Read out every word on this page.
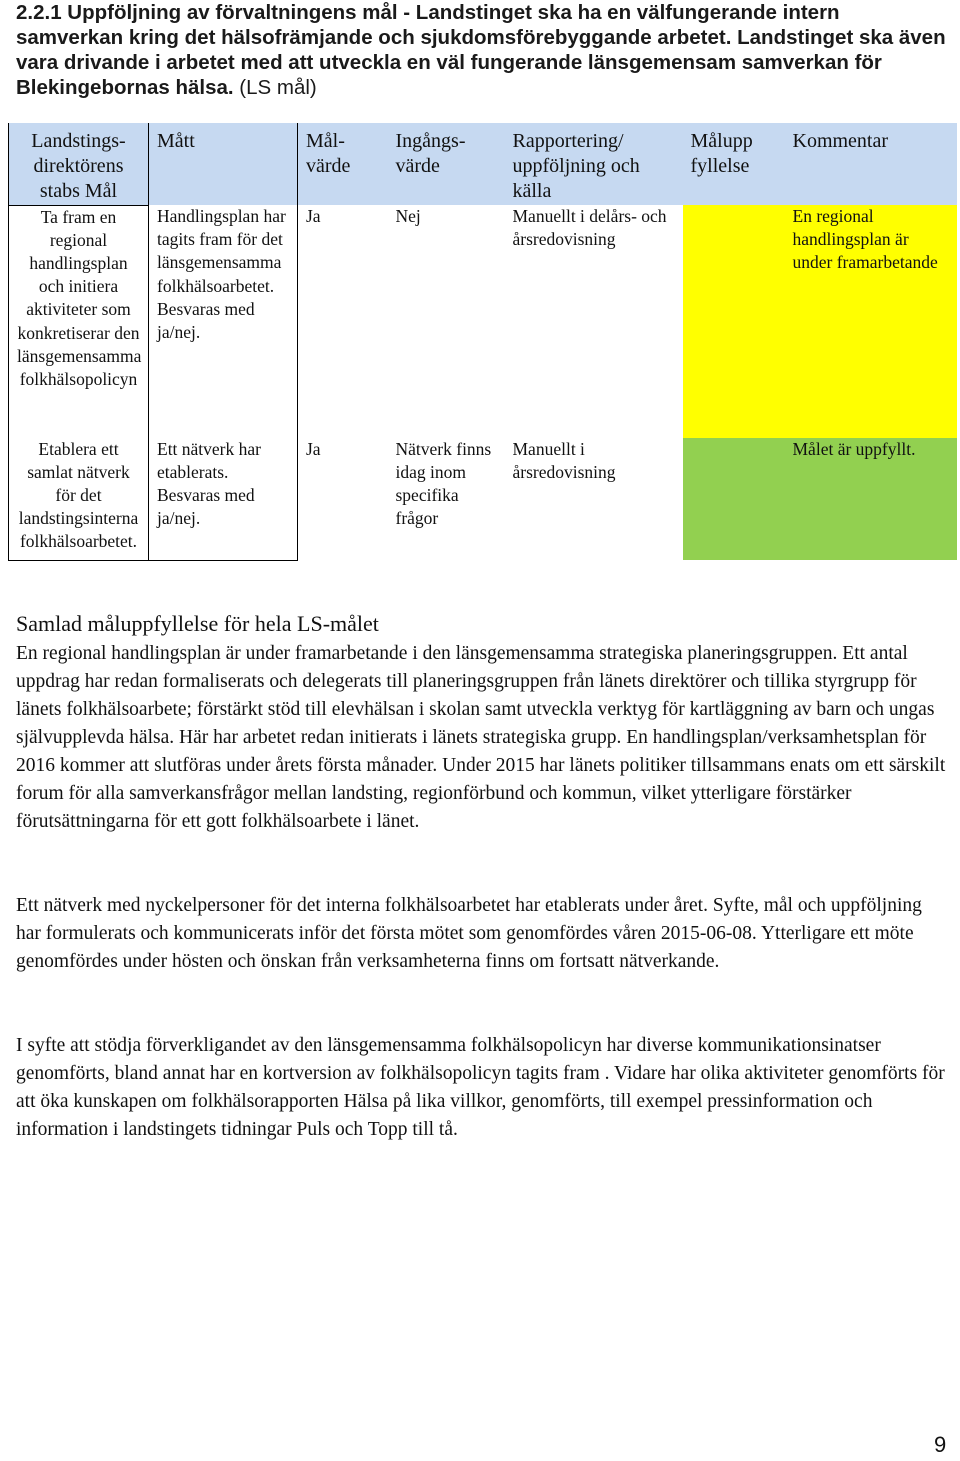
2.2.1 Uppföljning av förvaltningens mål - Landstinget ska ha en välfungerande intern samverkan kring det hälsofrämjande och sjukdomsförebyggande arbetet. Landstinget ska även vara drivande i arbetet med att utveckla en väl fungerande länsgemensam samverkan för Blekingebornas hälsa. (LS mål)
Landstings-direktörens stabs Mål	Mått	Mål-värde	Ingångs-värde	Rapportering/ uppföljning och källa	Målupp fyllelse	Kommentar
Ta fram en regional handlingsplan och initiera aktiviteter som konkretiserar den länsgemensamma folkhälsopolicyn	Handlingsplan har tagits fram för det länsgemensamma folkhälsoarbetet. Besvaras med ja/nej.	Ja	Nej	Manuellt i delårs- och årsredovisning		En regional handlingsplan är under framarbetande
Etablera ett samlat nätverk för det landstingsinterna folkhälsoarbetet.	Ett nätverk har etablerats. Besvaras med ja/nej.	Ja	Nätverk finns idag inom specifika frågor	Manuellt i årsredovisning		Målet är uppfyllt.
Samlad måluppfyllelse för hela LS-målet
En regional handlingsplan är under framarbetande i den länsgemensamma strategiska planeringsgruppen. Ett antal uppdrag har redan formaliserats och delegerats till planeringsgruppen från länets direktörer och tillika styrgrupp för länets folkhälsoarbete; förstärkt stöd till elevhälsan i skolan samt utveckla verktyg för kartläggning av barn och ungas självupplevda hälsa. Här har arbetet redan initierats i länets strategiska grupp. En handlingsplan/verksamhetsplan för 2016 kommer att slutföras under årets första månader. Under 2015 har länets politiker tillsammans enats om ett särskilt forum för alla samverkansfrågor mellan landsting, regionförbund och kommun, vilket ytterligare förstärker förutsättningarna för ett gott folkhälsoarbete i länet.
Ett nätverk med nyckelpersoner för det interna folkhälsoarbetet har etablerats under året. Syfte, mål och uppföljning har formulerats och kommunicerats inför det första mötet som genomfördes våren 2015-06-08. Ytterligare ett möte genomfördes under hösten och önskan från verksamheterna finns om fortsatt nätverkande.
I syfte att stödja förverkligandet av den länsgemensamma folkhälsopolicyn har diverse kommunikationsinatser genomförts, bland annat har en kortversion av folkhälsopolicyn tagits fram . Vidare har olika aktiviteter genomförts för att öka kunskapen om folkhälsorapporten Hälsa på lika villkor, genomförts, till exempel pressinformation och information i landstingets tidningar Puls och Topp till tå.
9
